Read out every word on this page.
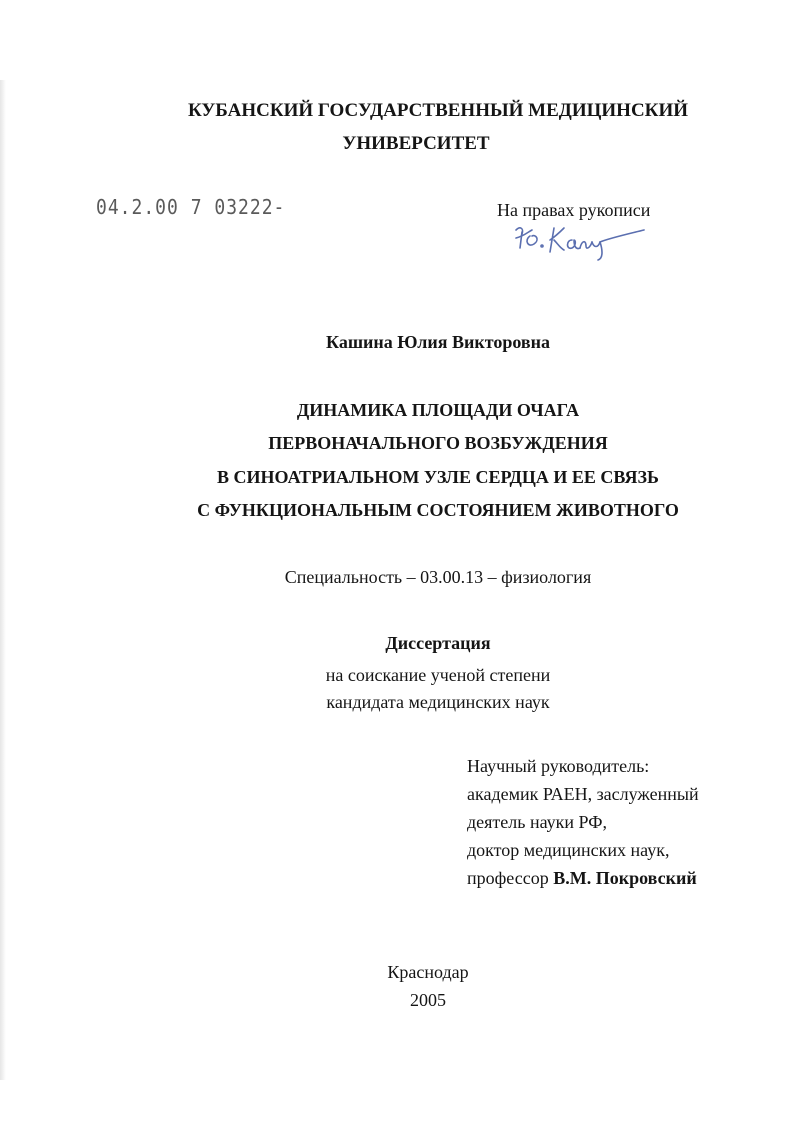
КУБАНСКИЙ ГОСУДАРСТВЕННЫЙ МЕДИЦИНСКИЙ
УНИВЕРСИТЕТ
04.2.00 7 03222-	На правах рукописи
Кашина Юлия Викторовна
ДИНАМИКА ПЛОЩАДИ ОЧАГА
ПЕРВОНАЧАЛЬНОГО ВОЗБУЖДЕНИЯ
В СИНОАТРИАЛЬНОМ УЗЛЕ СЕРДЦА И ЕЕ СВЯЗЬ
С ФУНКЦИОНАЛЬНЫМ СОСТОЯНИЕМ ЖИВОТНОГО
Специальность – 03.00.13 – физиология
Диссертация
на соискание ученой степени
кандидата медицинских наук
Научный руководитель:
академик РАЕН, заслуженный
деятель науки РФ,
доктор медицинских наук,
профессор В.М. Покровский
Краснодар
2005
